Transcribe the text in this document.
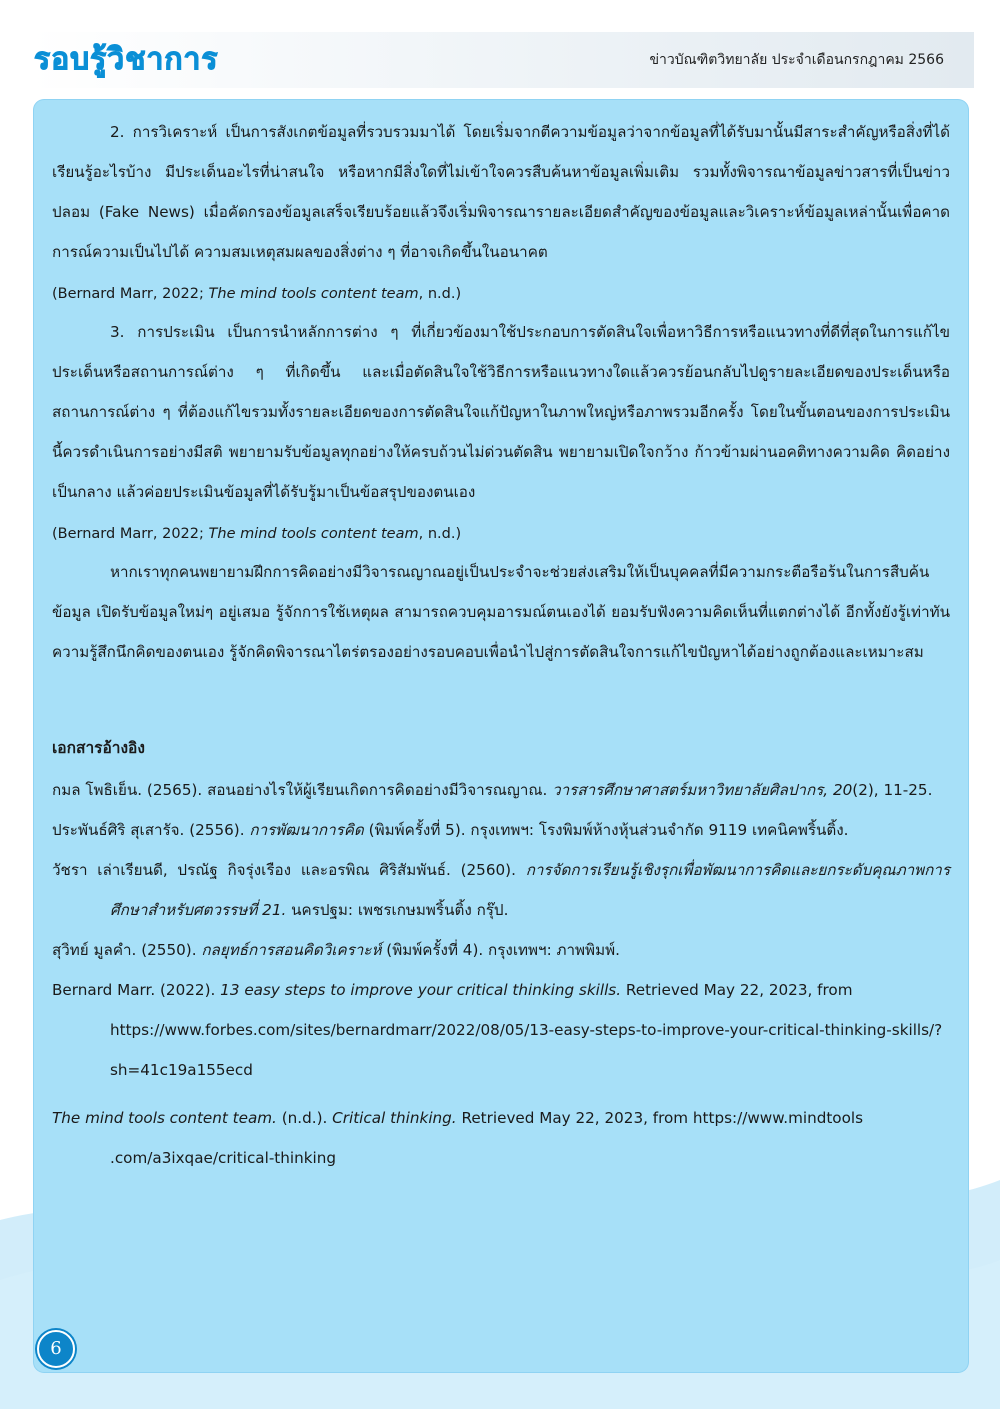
รอบรู้วิชาการ	ข่าวบัณฑิตวิทยาลัย ประจำเดือนกรกฎาคม 2566

2. การวิเคราะห์ เป็นการสังเกตข้อมูลที่รวบรวมมาได้ โดยเริ่มจากตีความข้อมูลว่าจากข้อมูลที่ได้รับมานั้นมีสาระสำคัญหรือสิ่งที่ได้เรียนรู้อะไรบ้าง มีประเด็นอะไรที่น่าสนใจ หรือหากมีสิ่งใดที่ไม่เข้าใจควรสืบค้นหาข้อมูลเพิ่มเติม รวมทั้งพิจารณาข้อมูลข่าวสารที่เป็นข่าวปลอม (Fake News) เมื่อคัดกรองข้อมูลเสร็จเรียบร้อยแล้วจึงเริ่มพิจารณารายละเอียดสำคัญของข้อมูลและวิเคราะห์ข้อมูลเหล่านั้นเพื่อคาดการณ์ความเป็นไปได้ ความสมเหตุสมผลของสิ่งต่าง ๆ ที่อาจเกิดขึ้นในอนาคต

(Bernard Marr, 2022; The mind tools content team, n.d.)

3. การประเมิน เป็นการนำหลักการต่าง ๆ ที่เกี่ยวข้องมาใช้ประกอบการตัดสินใจเพื่อหาวิธีการหรือแนวทางที่ดีที่สุดในการแก้ไขประเด็นหรือสถานการณ์ต่าง ๆ ที่เกิดขึ้น และเมื่อตัดสินใจใช้วิธีการหรือแนวทางใดแล้วควรย้อนกลับไปดูรายละเอียดของประเด็นหรือสถานการณ์ต่าง ๆ ที่ต้องแก้ไขรวมทั้งรายละเอียดของการตัดสินใจแก้ปัญหาในภาพใหญ่หรือภาพรวมอีกครั้ง โดยในขั้นตอนของการประเมินนี้ควรดำเนินการอย่างมีสติ พยายามรับข้อมูลทุกอย่างให้ครบถ้วนไม่ด่วนตัดสิน พยายามเปิดใจกว้าง ก้าวข้ามผ่านอคติทางความคิด คิดอย่างเป็นกลาง แล้วค่อยประเมินข้อมูลที่ได้รับรู้มาเป็นข้อสรุปของตนเอง

(Bernard Marr, 2022; The mind tools content team, n.d.)

หากเราทุกคนพยายามฝึกการคิดอย่างมีวิจารณญาณอยู่เป็นประจำจะช่วยส่งเสริมให้เป็นบุคคลที่มีความกระตือรือร้นในการสืบค้นข้อมูล เปิดรับข้อมูลใหม่ๆ อยู่เสมอ รู้จักการใช้เหตุผล สามารถควบคุมอารมณ์ตนเองได้ ยอมรับฟังความคิดเห็นที่แตกต่างได้ อีกทั้งยังรู้เท่าทันความรู้สึกนึกคิดของตนเอง รู้จักคิดพิจารณาไตร่ตรองอย่างรอบคอบเพื่อนำไปสู่การตัดสินใจการแก้ไขปัญหาได้อย่างถูกต้องและเหมาะสม

เอกสารอ้างอิง

กมล โพธิเย็น. (2565). สอนอย่างไรให้ผู้เรียนเกิดการคิดอย่างมีวิจารณญาณ. วารสารศึกษาศาสตร์มหาวิทยาลัยศิลปากร, 20(2), 11-25.

ประพันธ์ศิริ สุเสารัจ. (2556). การพัฒนาการคิด (พิมพ์ครั้งที่ 5). กรุงเทพฯ: โรงพิมพ์ห้างหุ้นส่วนจำกัด 9119 เทคนิคพริ้นติ้ง.

วัชรา เล่าเรียนดี, ปรณัฐ กิจรุ่งเรือง และอรพิณ ศิริสัมพันธ์. (2560). การจัดการเรียนรู้เชิงรุกเพื่อพัฒนาการคิดและยกระดับคุณภาพการศึกษาสำหรับศตวรรษที่ 21. นครปฐม: เพชรเกษมพริ้นติ้ง กรุ๊ป.

สุวิทย์ มูลคำ. (2550). กลยุทธ์การสอนคิดวิเคราะห์ (พิมพ์ครั้งที่ 4). กรุงเทพฯ: ภาพพิมพ์.

Bernard Marr. (2022). 13 easy steps to improve your critical thinking skills. Retrieved May 22, 2023, from
https://www.forbes.com/sites/bernardmarr/2022/08/05/13-easy-steps-to-improve-your-critical-thinking-skills/?sh=41c19a155ecd

The mind tools content team. (n.d.). Critical thinking. Retrieved May 22, 2023, from https://www.mindtools
.com/a3ixqae/critical-thinking

6
